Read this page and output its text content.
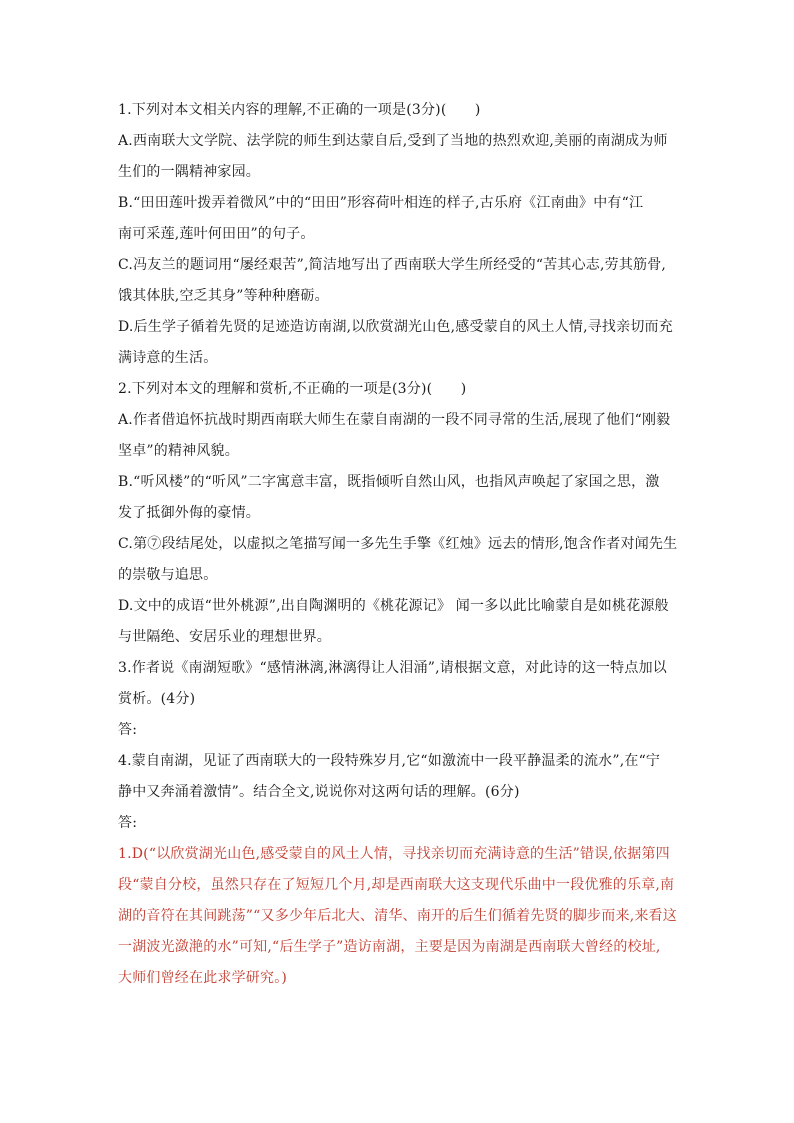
1.下列对本文相关内容的理解,不正确的一项是(3分)(　　)
A.西南联大文学院、法学院的师生到达蒙自后,受到了当地的热烈欢迎,美丽的南湖成为师
生们的一隅精神家园。
B.“田田莲叶拨弄着微风”中的“田田”形容荷叶相连的样子,古乐府《江南曲》中有“江
南可采莲,莲叶何田田”的句子。
C.冯友兰的题词用“屡经艰苦”,简洁地写出了西南联大学生所经受的“苦其心志,劳其筋骨,
饿其体肤,空乏其身”等种种磨砺。
D.后生学子循着先贤的足迹造访南湖,以欣赏湖光山色,感受蒙自的风土人情,寻找亲切而充
满诗意的生活。
2.下列对本文的理解和赏析,不正确的一项是(3分)(　　)
A.作者借追怀抗战时期西南联大师生在蒙自南湖的一段不同寻常的生活,展现了他们“刚毅
坚卓”的精神风貌。
B.“听风楼”的“听风”二字寓意丰富，既指倾听自然山风，也指风声唤起了家国之思，激
发了抵御外侮的豪情。
C.第⑦段结尾处，以虚拟之笔描写闻一多先生手擎《红烛》远去的情形,饱含作者对闻先生
的崇敬与追思。
D.文中的成语“世外桃源”,出自陶渊明的《桃花源记》 闻一多以此比喻蒙自是如桃花源般
与世隔绝、安居乐业的理想世界。
3.作者说《南湖短歌》“感情淋漓,淋漓得让人泪涌”,请根据文意，对此诗的这一特点加以
赏析。(4分)
答:
4.蒙自南湖，见证了西南联大的一段特殊岁月,它“如激流中一段平静温柔的流水”,在“宁
静中又奔涌着激情”。结合全文,说说你对这两句话的理解。(6分)
答:
1.D(“以欣赏湖光山色,感受蒙自的风土人情，寻找亲切而充满诗意的生活”错误,依据第四
段“蒙自分校，虽然只存在了短短几个月,却是西南联大这支现代乐曲中一段优雅的乐章,南
湖的音符在其间跳荡”“又多少年后北大、清华、南开的后生们循着先贤的脚步而来,来看这
一湖波光潋滟的水”可知,“后生学子”造访南湖，主要是因为南湖是西南联大曾经的校址,
大师们曾经在此求学研究。)
